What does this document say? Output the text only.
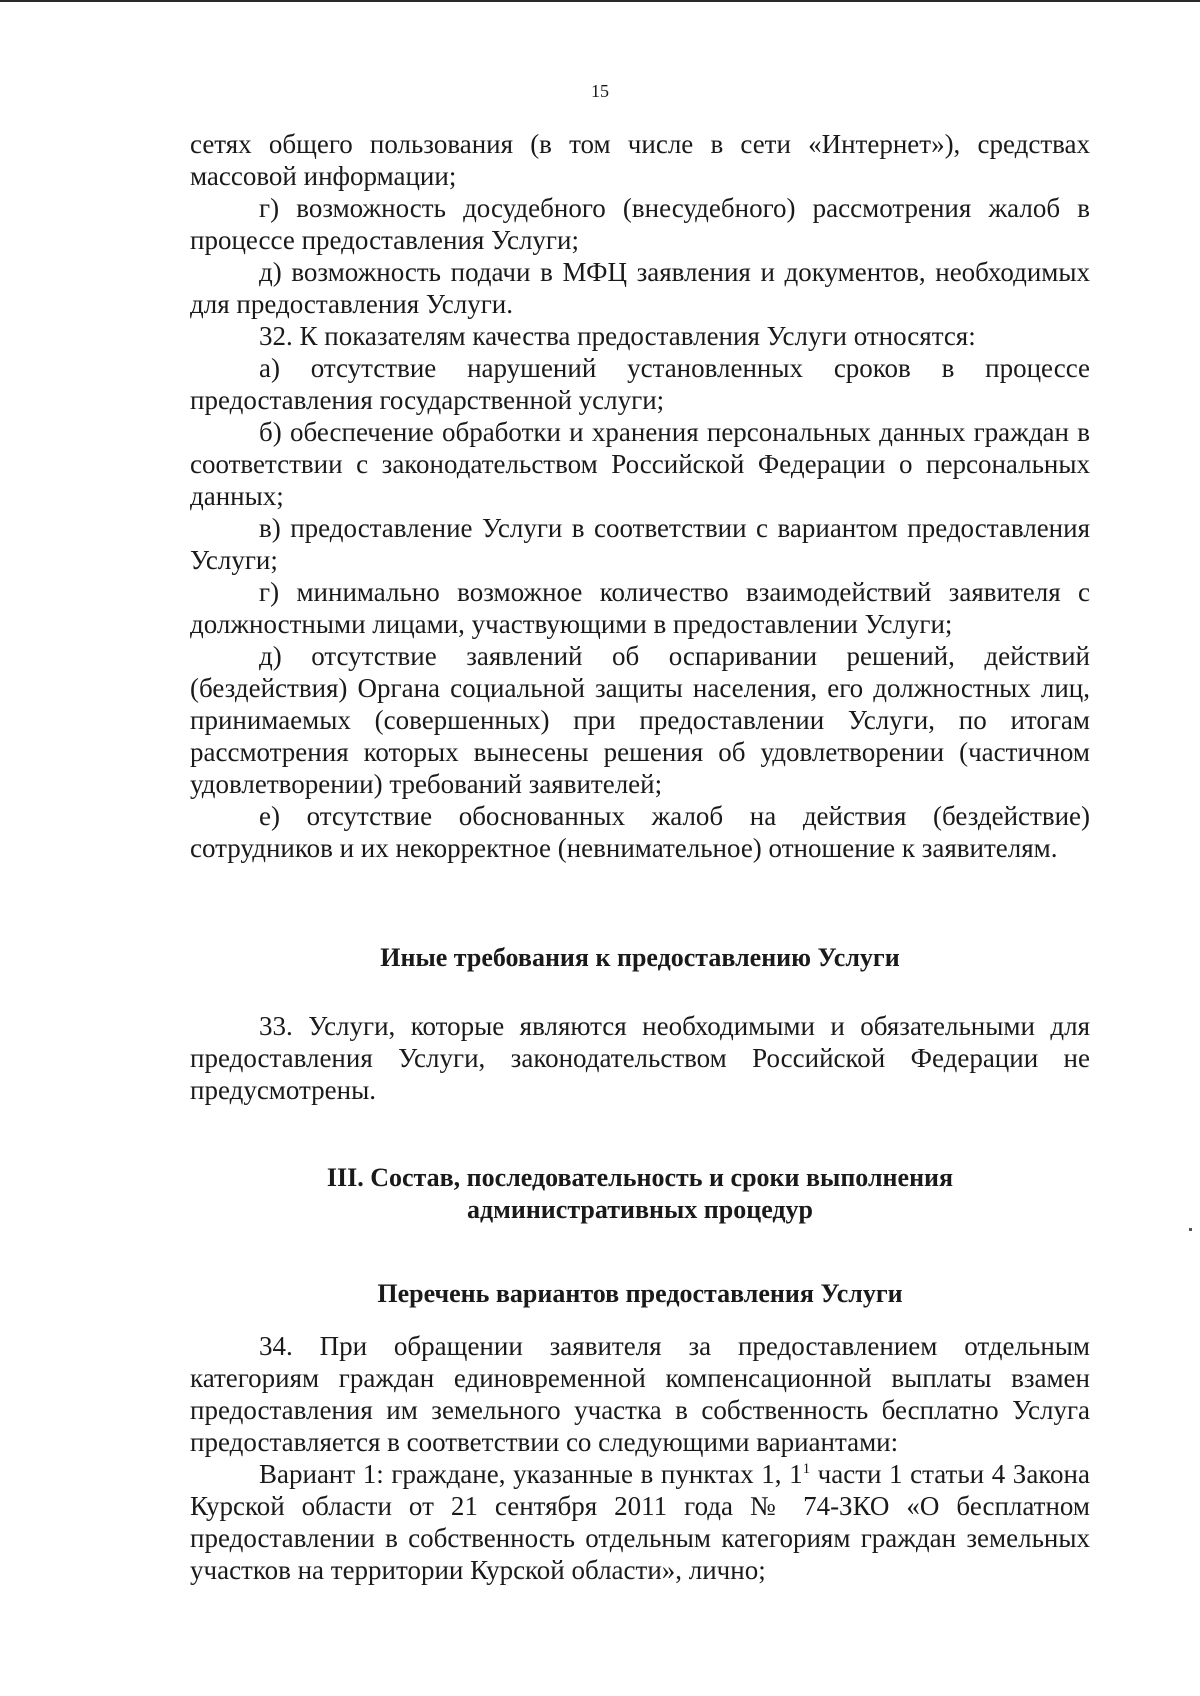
15

сетях общего пользования (в том числе в сети «Интернет»), средствах массовой информации;

г) возможность досудебного (внесудебного) рассмотрения жалоб в процессе предоставления Услуги;

д) возможность подачи в МФЦ заявления и документов, необходимых для предоставления Услуги.

32. К показателям качества предоставления Услуги относятся:

а) отсутствие нарушений установленных сроков в процессе предоставления государственной услуги;

б) обеспечение обработки и хранения персональных данных граждан в соответствии с законодательством Российской Федерации о персональных данных;

в) предоставление Услуги в соответствии с вариантом предоставления Услуги;

г) минимально возможное количество взаимодействий заявителя с должностными лицами, участвующими в предоставлении Услуги;

д) отсутствие заявлений об оспаривании решений, действий (бездействия) Органа социальной защиты населения, его должностных лиц, принимаемых (совершенных) при предоставлении Услуги, по итогам рассмотрения которых вынесены решения об удовлетворении (частичном удовлетворении) требований заявителей;

е) отсутствие обоснованных жалоб на действия (бездействие) сотрудников и их некорректное (невнимательное) отношение к заявителям.

Иные требования к предоставлению Услуги

33. Услуги, которые являются необходимыми и обязательными для предоставления Услуги, законодательством Российской Федерации не предусмотрены.

III. Состав, последовательность и сроки выполнения
административных процедур
Перечень вариантов предоставления Услуги

34. При обращении заявителя за предоставлением отдельным категориям граждан единовременной компенсационной выплаты взамен предоставления им земельного участка в собственность бесплатно Услуга предоставляется в соответствии со следующими вариантами:

Вариант 1: граждане, указанные в пунктах 1, $1^1$ части 1 статьи 4 Закона Курской области от 21 сентября 2011 года № 74-ЗКО «О бесплатном предоставлении в собственность отдельным категориям граждан земельных участков на территории Курской области», лично;
